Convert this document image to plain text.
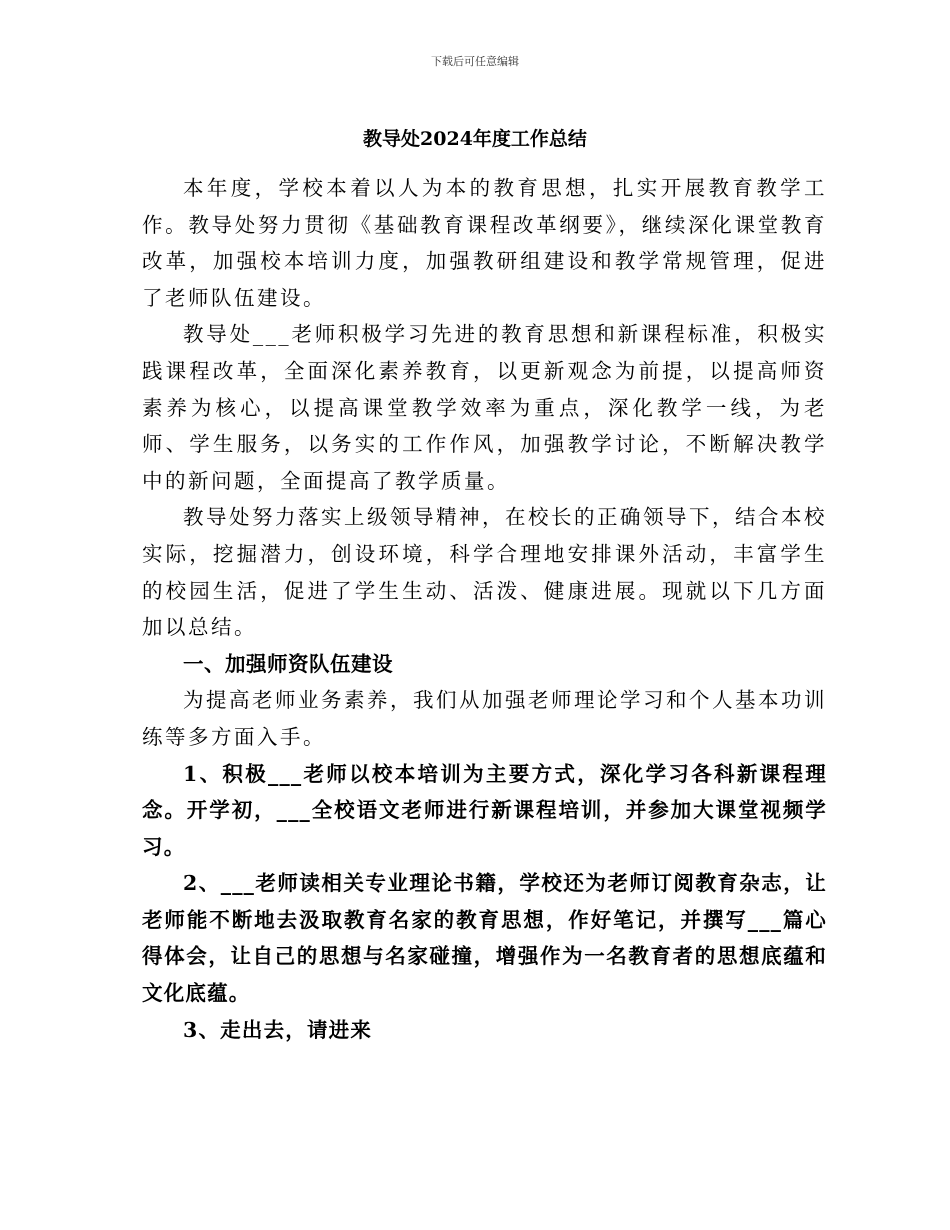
下载后可任意编辑
教导处2024年度工作总结

本年度，学校本着以人为本的教育思想，扎实开展教育教学工作。教导处努力贯彻《基础教育课程改革纲要》，继续深化课堂教育改革，加强校本培训力度，加强教研组建设和教学常规管理，促进了老师队伍建设。

教导处___老师积极学习先进的教育思想和新课程标准，积极实践课程改革，全面深化素养教育，以更新观念为前提，以提高师资素养为核心，以提高课堂教学效率为重点，深化教学一线，为老师、学生服务，以务实的工作作风，加强教学讨论，不断解决教学中的新问题，全面提高了教学质量。

教导处努力落实上级领导精神，在校长的正确领导下，结合本校实际，挖掘潜力，创设环境，科学合理地安排课外活动，丰富学生的校园生活，促进了学生生动、活泼、健康进展。现就以下几方面加以总结。

一、加强师资队伍建设

为提高老师业务素养，我们从加强老师理论学习和个人基本功训练等多方面入手。

1、积极___老师以校本培训为主要方式，深化学习各科新课程理念。开学初，___全校语文老师进行新课程培训，并参加大课堂视频学习。

2、___老师读相关专业理论书籍，学校还为老师订阅教育杂志，让老师能不断地去汲取教育名家的教育思想，作好笔记，并撰写___篇心得体会，让自己的思想与名家碰撞，增强作为一名教育者的思想底蕴和文化底蕴。

3、走出去，请进来
